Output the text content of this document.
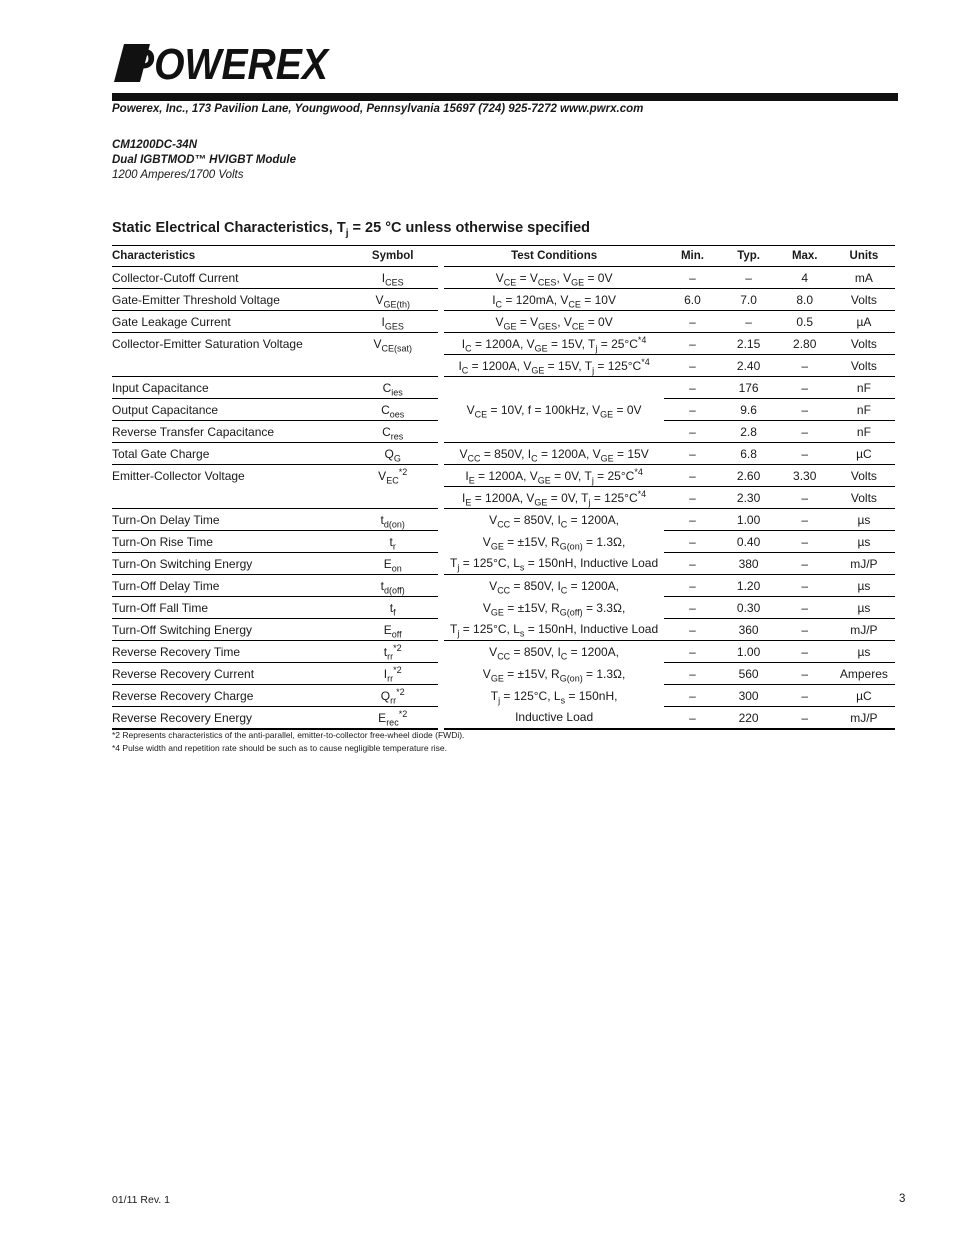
POWEREX
Powerex, Inc., 173 Pavilion Lane, Youngwood, Pennsylvania 15697 (724) 925-7272 www.pwrx.com
CM1200DC-34N
Dual IGBTMOD™ HVIGBT Module
1200 Amperes/1700 Volts
Static Electrical Characteristics, $T_j = 25$ °C unless otherwise specified
Characteristics	Symbol		Test Conditions	Min.	Typ.	Max.	Units
Collector-Cutoff Current	$I_{CES}$		$V_{CE} = V_{CES}$, $V_{GE} = 0V$	–	–	4	mA
Gate-Emitter Threshold Voltage	$V_{GE(th)}$		$I_C = 120mA$, $V_{CE} = 10V$	6.0	7.0	8.0	Volts
Gate Leakage Current	$I_{GES}$		$V_{GE} = V_{GES}$, $V_{CE} = 0V$	–	–	0.5	µA
Collector-Emitter Saturation Voltage	$V_{CE(sat)}$		$I_C = 1200A$, $V_{GE} = 15V$, $T_j = 25^\circ C^{*4}$	–	2.15	2.80	Volts
			$I_C = 1200A$, $V_{GE} = 15V$, $T_j = 125^\circ C^{*4}$	–	2.40	–	Volts
Input Capacitance	$C_{ies}$			–	176	–	nF
Output Capacitance	$C_{oes}$		$V_{CE} = 10V$, f = 100kHz, $V_{GE} = 0V$	–	9.6	–	nF
Reverse Transfer Capacitance	$C_{res}$			–	2.8	–	nF
Total Gate Charge	$Q_G$		$V_{CC} = 850V$, $I_C = 1200A$, $V_{GE} = 15V$	–	6.8	–	µC
Emitter-Collector Voltage	$V_{EC}^{*2}$		$I_E = 1200A$, $V_{GE} = 0V$, $T_j = 25^\circ C^{*4}$	–	2.60	3.30	Volts
			$I_E = 1200A$, $V_{GE} = 0V$, $T_j = 125^\circ C^{*4}$	–	2.30	–	Volts
Turn-On Delay Time	$t_{d(on)}$		$V_{CC} = 850V$, $I_C = 1200A$,	–	1.00	–	µs
Turn-On Rise Time	$t_r$		$V_{GE} = \pm 15V$, $R_{G(on)} = 1.3\Omega$,	–	0.40	–	µs
Turn-On Switching Energy	$E_{on}$		$T_j = 125^\circ C$, $L_s = 150nH$, Inductive Load	–	380	–	mJ/P
Turn-Off Delay Time	$t_{d(off)}$		$V_{CC} = 850V$, $I_C = 1200A$,	–	1.20	–	µs
Turn-Off Fall Time	$t_f$		$V_{GE} = \pm 15V$, $R_{G(off)} = 3.3\Omega$,	–	0.30	–	µs
Turn-Off Switching Energy	$E_{off}$		$T_j = 125^\circ C$, $L_s = 150nH$, Inductive Load	–	360	–	mJ/P
Reverse Recovery Time	$t_{rr}^{*2}$		$V_{CC} = 850V$, $I_C = 1200A$,	–	1.00	–	µs
Reverse Recovery Current	$I_{rr}^{*2}$		$V_{GE} = \pm 15V$, $R_{G(on)} = 1.3\Omega$,	–	560	–	Amperes
Reverse Recovery Charge	$Q_{rr}^{*2}$		$T_j = 125^\circ C$, $L_s = 150nH$,	–	300	–	µC
Reverse Recovery Energy	$E_{rec}^{*2}$		Inductive Load	–	220	–	mJ/P
*2 Represents characteristics of the anti-parallel, emitter-to-collector free-wheel diode (FWDi).
*4 Pulse width and repetition rate should be such as to cause negligible temperature rise.
01/11 Rev. 1	3
